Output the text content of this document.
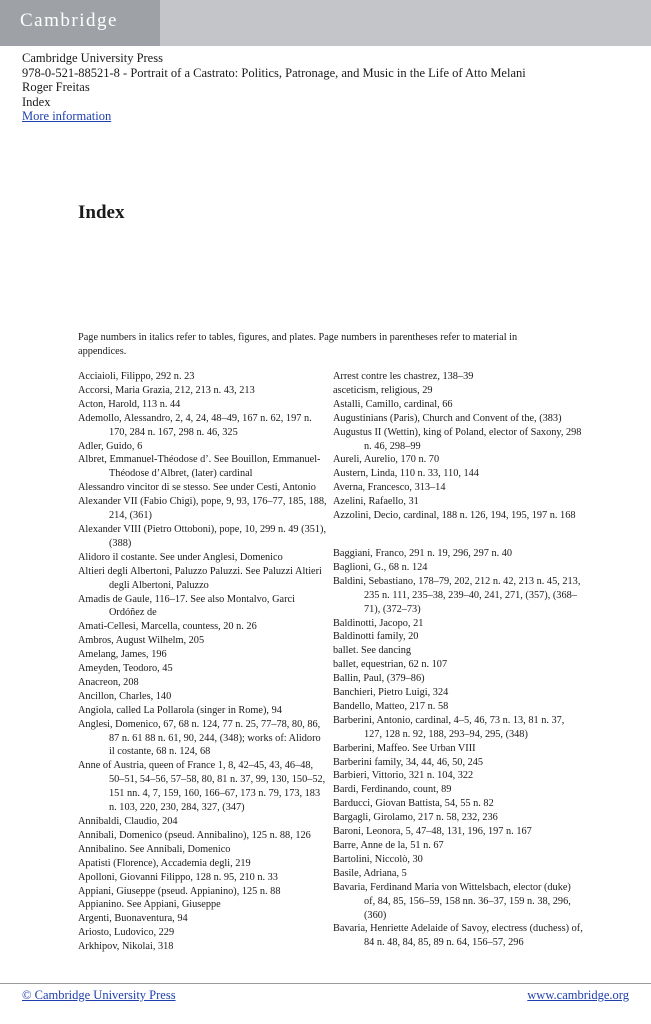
Cambridge
Cambridge University Press
978-0-521-88521-8 - Portrait of a Castrato: Politics, Patronage, and Music in the Life of Atto Melani
Roger Freitas
Index
More information
Index
Page numbers in italics refer to tables, figures, and plates. Page numbers in parentheses refer to material in appendices.
Acciaioli, Filippo, 292 n. 23
Accorsi, Maria Grazia, 212, 213 n. 43, 213
Acton, Harold, 113 n. 44
Ademollo, Alessandro, 2, 4, 24, 48–49, 167 n. 62, 197 n. 170, 284 n. 167, 298 n. 46, 325
Adler, Guido, 6
Albret, Emmanuel-Théodose d’. See Bouillon, Emmanuel-Théodose d’Albret, (later) cardinal
Alessandro vincitor di se stesso. See under Cesti, Antonio
Alexander VII (Fabio Chigi), pope, 9, 93, 176–77, 185, 188, 214, (361)
Alexander VIII (Pietro Ottoboni), pope, 10, 299 n. 49 (351), (388)
Alidoro il costante. See under Anglesi, Domenico
Altieri degli Albertoni, Paluzzo Paluzzi. See Paluzzi Altieri degli Albertoni, Paluzzo
Amadis de Gaule, 116–17. See also Montalvo, Garci Ordóñez de
Amati-Cellesi, Marcella, countess, 20 n. 26
Ambros, August Wilhelm, 205
Amelang, James, 196
Ameyden, Teodoro, 45
Anacreon, 208
Ancillon, Charles, 140
Angiola, called La Pollarola (singer in Rome), 94
Anglesi, Domenico, 67, 68 n. 124, 77 n. 25, 77–78, 80, 86, 87 n. 61 88 n. 61, 90, 244, (348); works of: Alidoro il costante, 68 n. 124, 68
Anne of Austria, queen of France 1, 8, 42–45, 43, 46–48, 50–51, 54–56, 57–58, 80, 81 n. 37, 99, 130, 150–52, 151 nn. 4, 7, 159, 160, 166–67, 173 n. 79, 173, 183 n. 103, 220, 230, 284, 327, (347)
Annibaldi, Claudio, 204
Annibali, Domenico (pseud. Annibalino), 125 n. 88, 126
Annibalino. See Annibali, Domenico
Apatisti (Florence), Accademia degli, 219
Apolloni, Giovanni Filippo, 128 n. 95, 210 n. 33
Appiani, Giuseppe (pseud. Appianino), 125 n. 88
Appianino. See Appiani, Giuseppe
Argenti, Buonaventura, 94
Ariosto, Ludovico, 229
Arkhipov, Nikolai, 318
Arrest contre les chastrez, 138–39
asceticism, religious, 29
Astalli, Camillo, cardinal, 66
Augustinians (Paris), Church and Convent of the, (383)
Augustus II (Wettin), king of Poland, elector of Saxony, 298 n. 46, 298–99
Aureli, Aurelio, 170 n. 70
Austern, Linda, 110 n. 33, 110, 144
Averna, Francesco, 313–14
Azelini, Rafaello, 31
Azzolini, Decio, cardinal, 188 n. 126, 194, 195, 197 n. 168
Baggiani, Franco, 291 n. 19, 296, 297 n. 40
Baglioni, G., 68 n. 124
Baldini, Sebastiano, 178–79, 202, 212 n. 42, 213 n. 45, 213, 235 n. 111, 235–38, 239–40, 241, 271, (357), (368–71), (372–73)
Baldinotti, Jacopo, 21
Baldinotti family, 20
ballet. See dancing
ballet, equestrian, 62 n. 107
Ballin, Paul, (379–86)
Banchieri, Pietro Luigi, 324
Bandello, Matteo, 217 n. 58
Barberini, Antonio, cardinal, 4–5, 46, 73 n. 13, 81 n. 37, 127, 128 n. 92, 188, 293–94, 295, (348)
Barberini, Maffeo. See Urban VIII
Barberini family, 34, 44, 46, 50, 245
Barbieri, Vittorio, 321 n. 104, 322
Bardi, Ferdinando, count, 89
Barducci, Giovan Battista, 54, 55 n. 82
Bargagli, Girolamo, 217 n. 58, 232, 236
Baroni, Leonora, 5, 47–48, 131, 196, 197 n. 167
Barre, Anne de la, 51 n. 67
Bartolini, Niccolò, 30
Basile, Adriana, 5
Bavaria, Ferdinand Maria von Wittelsbach, elector (duke) of, 84, 85, 156–59, 158 nn. 36–37, 159 n. 38, 296, (360)
Bavaria, Henriette Adelaide of Savoy, electress (duchess) of, 84 n. 48, 84, 85, 89 n. 64, 156–57, 296
© Cambridge University Press	www.cambridge.org
